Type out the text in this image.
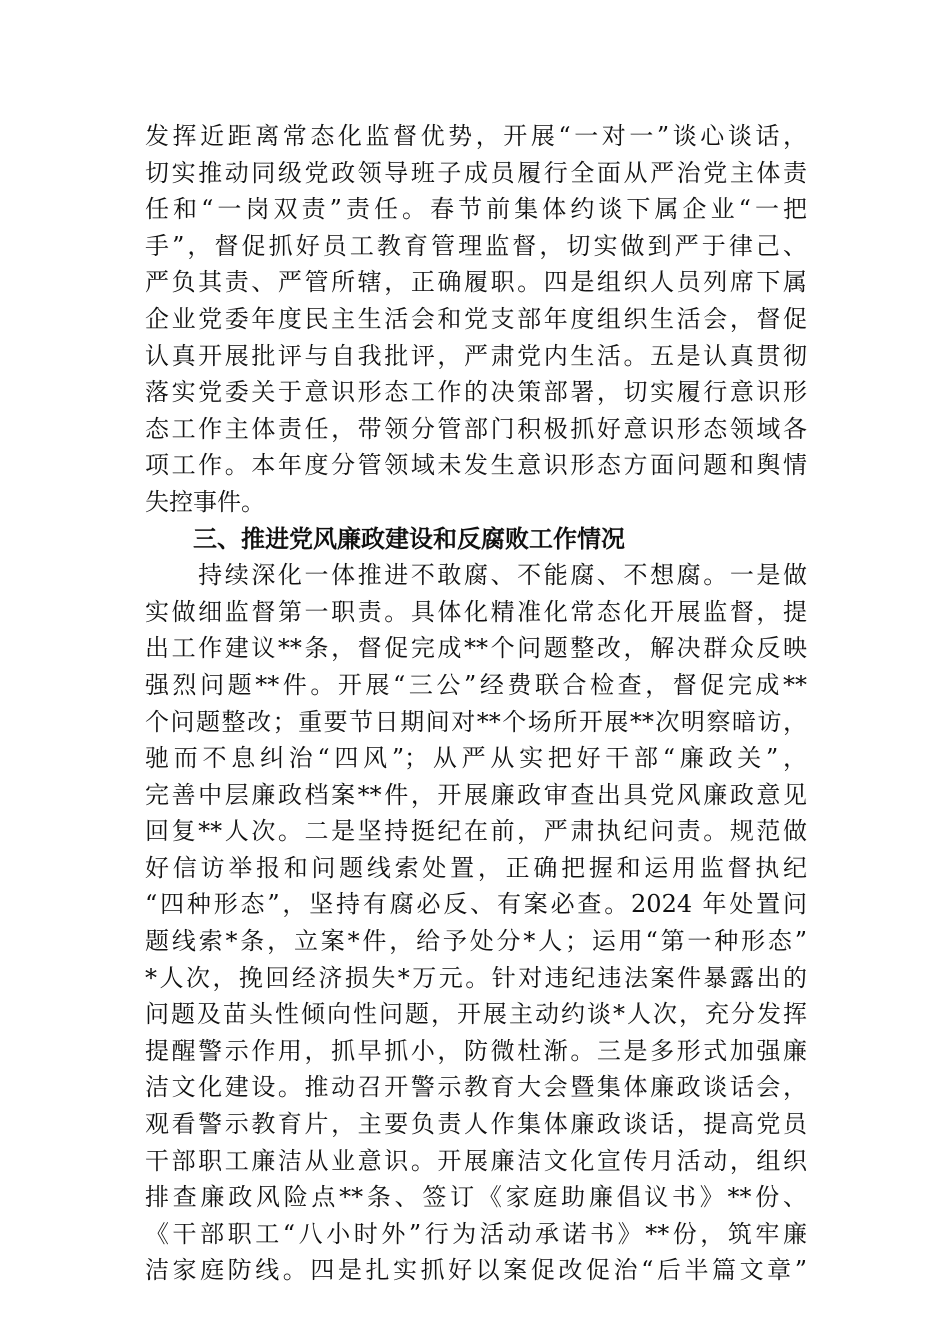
发挥近距离常态化监督优势，开展“一对一”谈心谈话，
切实推动同级党政领导班子成员履行全面从严治党主体责
任和“一岗双责”责任。春节前集体约谈下属企业“一把
手”，督促抓好员工教育管理监督，切实做到严于律己、
严负其责、严管所辖，正确履职。四是组织人员列席下属
企业党委年度民主生活会和党支部年度组织生活会，督促
认真开展批评与自我批评，严肃党内生活。五是认真贯彻
落实党委关于意识形态工作的决策部署，切实履行意识形
态工作主体责任，带领分管部门积极抓好意识形态领域各
项工作。本年度分管领域未发生意识形态方面问题和舆情
失控事件。
三、推进党风廉政建设和反腐败工作情况
　　持续深化一体推进不敢腐、不能腐、不想腐。一是做
实做细监督第一职责。具体化精准化常态化开展监督，提
出工作建议**条，督促完成**个问题整改，解决群众反映
强烈问题**件。开展“三公”经费联合检查，督促完成**
个问题整改；重要节日期间对**个场所开展**次明察暗访，
驰而不息纠治“四风”；从严从实把好干部“廉政关”，
完善中层廉政档案**件，开展廉政审查出具党风廉政意见
回复**人次。二是坚持挺纪在前，严肃执纪问责。规范做
好信访举报和问题线索处置，正确把握和运用监督执纪
“四种形态”，坚持有腐必反、有案必查。2024 年处置问
题线索*条，立案*件，给予处分*人；运用“第一种形态”
*人次，挽回经济损失*万元。针对违纪违法案件暴露出的
问题及苗头性倾向性问题，开展主动约谈*人次，充分发挥
提醒警示作用，抓早抓小，防微杜渐。三是多形式加强廉
洁文化建设。推动召开警示教育大会暨集体廉政谈话会，
观看警示教育片，主要负责人作集体廉政谈话，提高党员
干部职工廉洁从业意识。开展廉洁文化宣传月活动，组织
排查廉政风险点**条、签订《家庭助廉倡议书》**份、
《干部职工“八小时外”行为活动承诺书》**份，筑牢廉
洁家庭防线。四是扎实抓好以案促改促治“后半篇文章”
